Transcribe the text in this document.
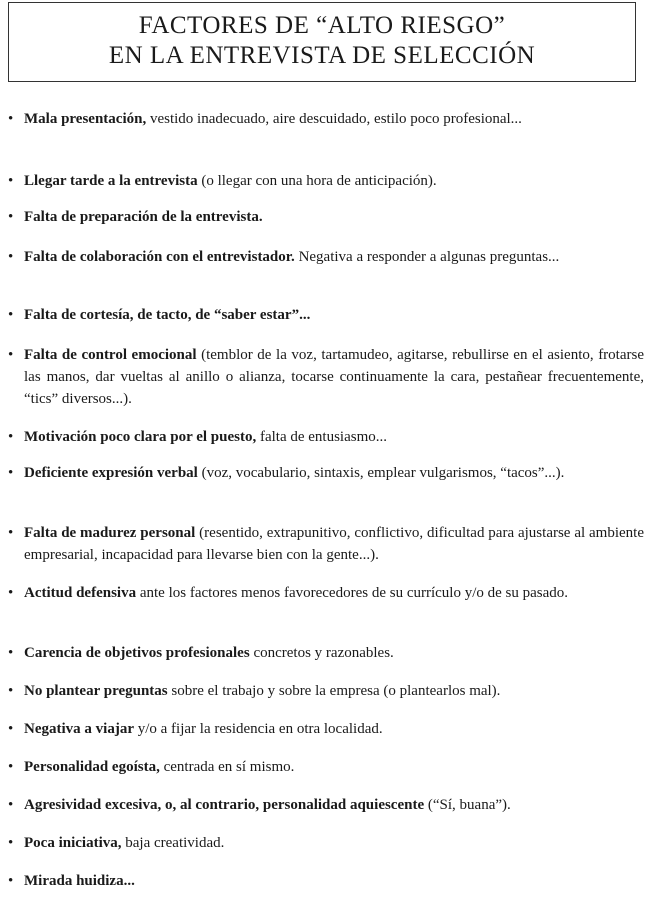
FACTORES DE “ALTO RIESGO”
EN LA ENTREVISTA DE SELECCIÓN
• Mala presentación, vestido inadecuado, aire descuidado, estilo poco profesional...
• Llegar tarde a la entrevista (o llegar con una hora de anticipación).
• Falta de preparación de la entrevista.
• Falta de colaboración con el entrevistador. Negativa a responder a algunas preguntas...
• Falta de cortesía, de tacto, de “saber estar”...
• Falta de control emocional (temblor de la voz, tartamudeo, agitarse, rebullirse en el asiento, frotarse las manos, dar vueltas al anillo o alianza, tocarse continuamente la cara, pestañear frecuentemente, “tics” diversos...).
• Motivación poco clara por el puesto, falta de entusiasmo...
• Deficiente expresión verbal (voz, vocabulario, sintaxis, emplear vulgarismos, “tacos”...).
• Falta de madurez personal (resentido, extrapunitivo, conflictivo, dificultad para ajustarse al ambiente empresarial, incapacidad para llevarse bien con la gente...).
• Actitud defensiva ante los factores menos favorecedores de su currículo y/o de su pasado.
• Carencia de objetivos profesionales concretos y razonables.
• No plantear preguntas sobre el trabajo y sobre la empresa (o plantearlos mal).
• Negativa a viajar y/o a fijar la residencia en otra localidad.
• Personalidad egoísta, centrada en sí mismo.
• Agresividad excesiva, o, al contrario, personalidad aquiescente (“Sí, buana”).
• Poca iniciativa, baja creatividad.
• Mirada huidiza...
